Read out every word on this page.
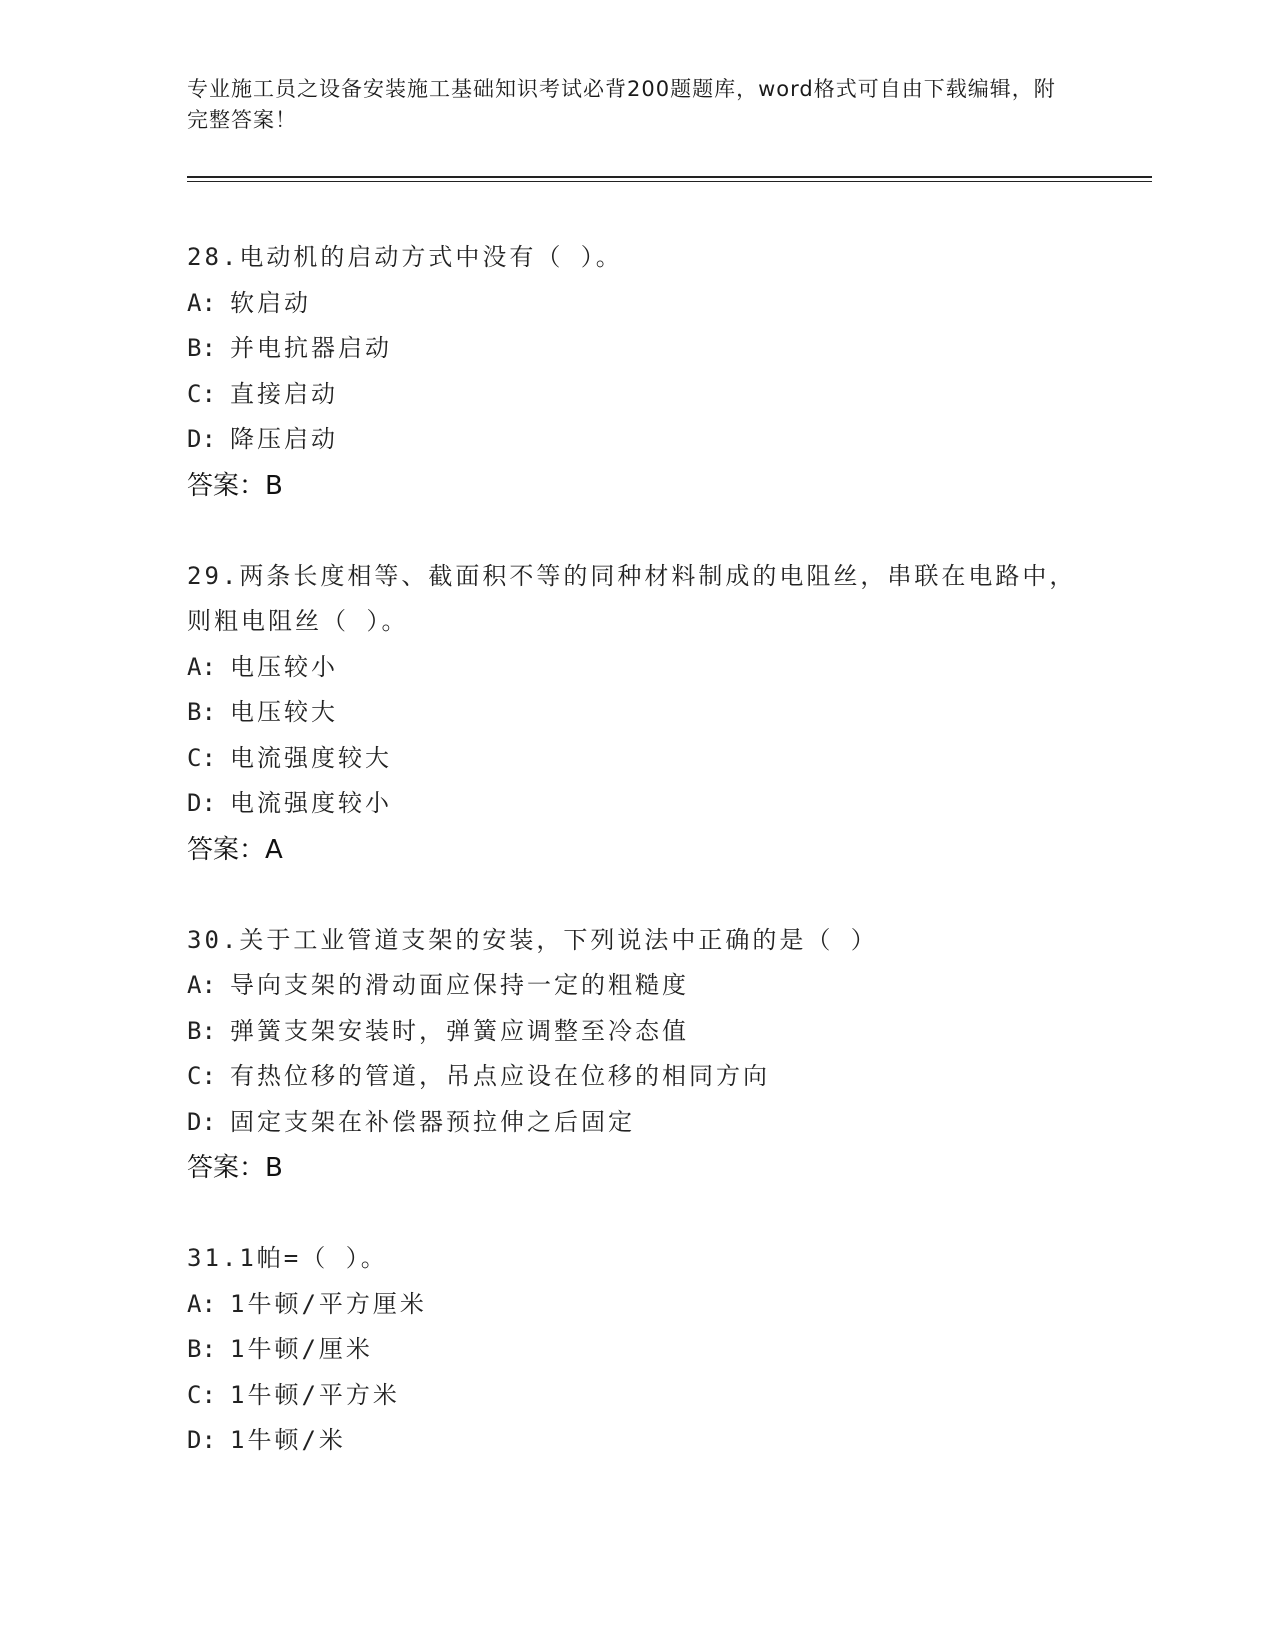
专业施工员之设备安装施工基础知识考试必背200题题库，word格式可自由下载编辑，附完整答案！
28.电动机的启动方式中没有（ ）。
A: 软启动
B: 并电抗器启动
C: 直接启动
D: 降压启动
答案：B
29.两条长度相等、截面积不等的同种材料制成的电阻丝，串联在电路中，则粗电阻丝（ ）。
A: 电压较小
B: 电压较大
C: 电流强度较大
D: 电流强度较小
答案：A
30.关于工业管道支架的安装，下列说法中正确的是（ ）
A: 导向支架的滑动面应保持一定的粗糙度
B: 弹簧支架安装时，弹簧应调整至冷态值
C: 有热位移的管道，吊点应设在位移的相同方向
D: 固定支架在补偿器预拉伸之后固定
答案：B
31.1帕=（ ）。
A: 1牛顿/平方厘米
B: 1牛顿/厘米
C: 1牛顿/平方米
D: 1牛顿/米
